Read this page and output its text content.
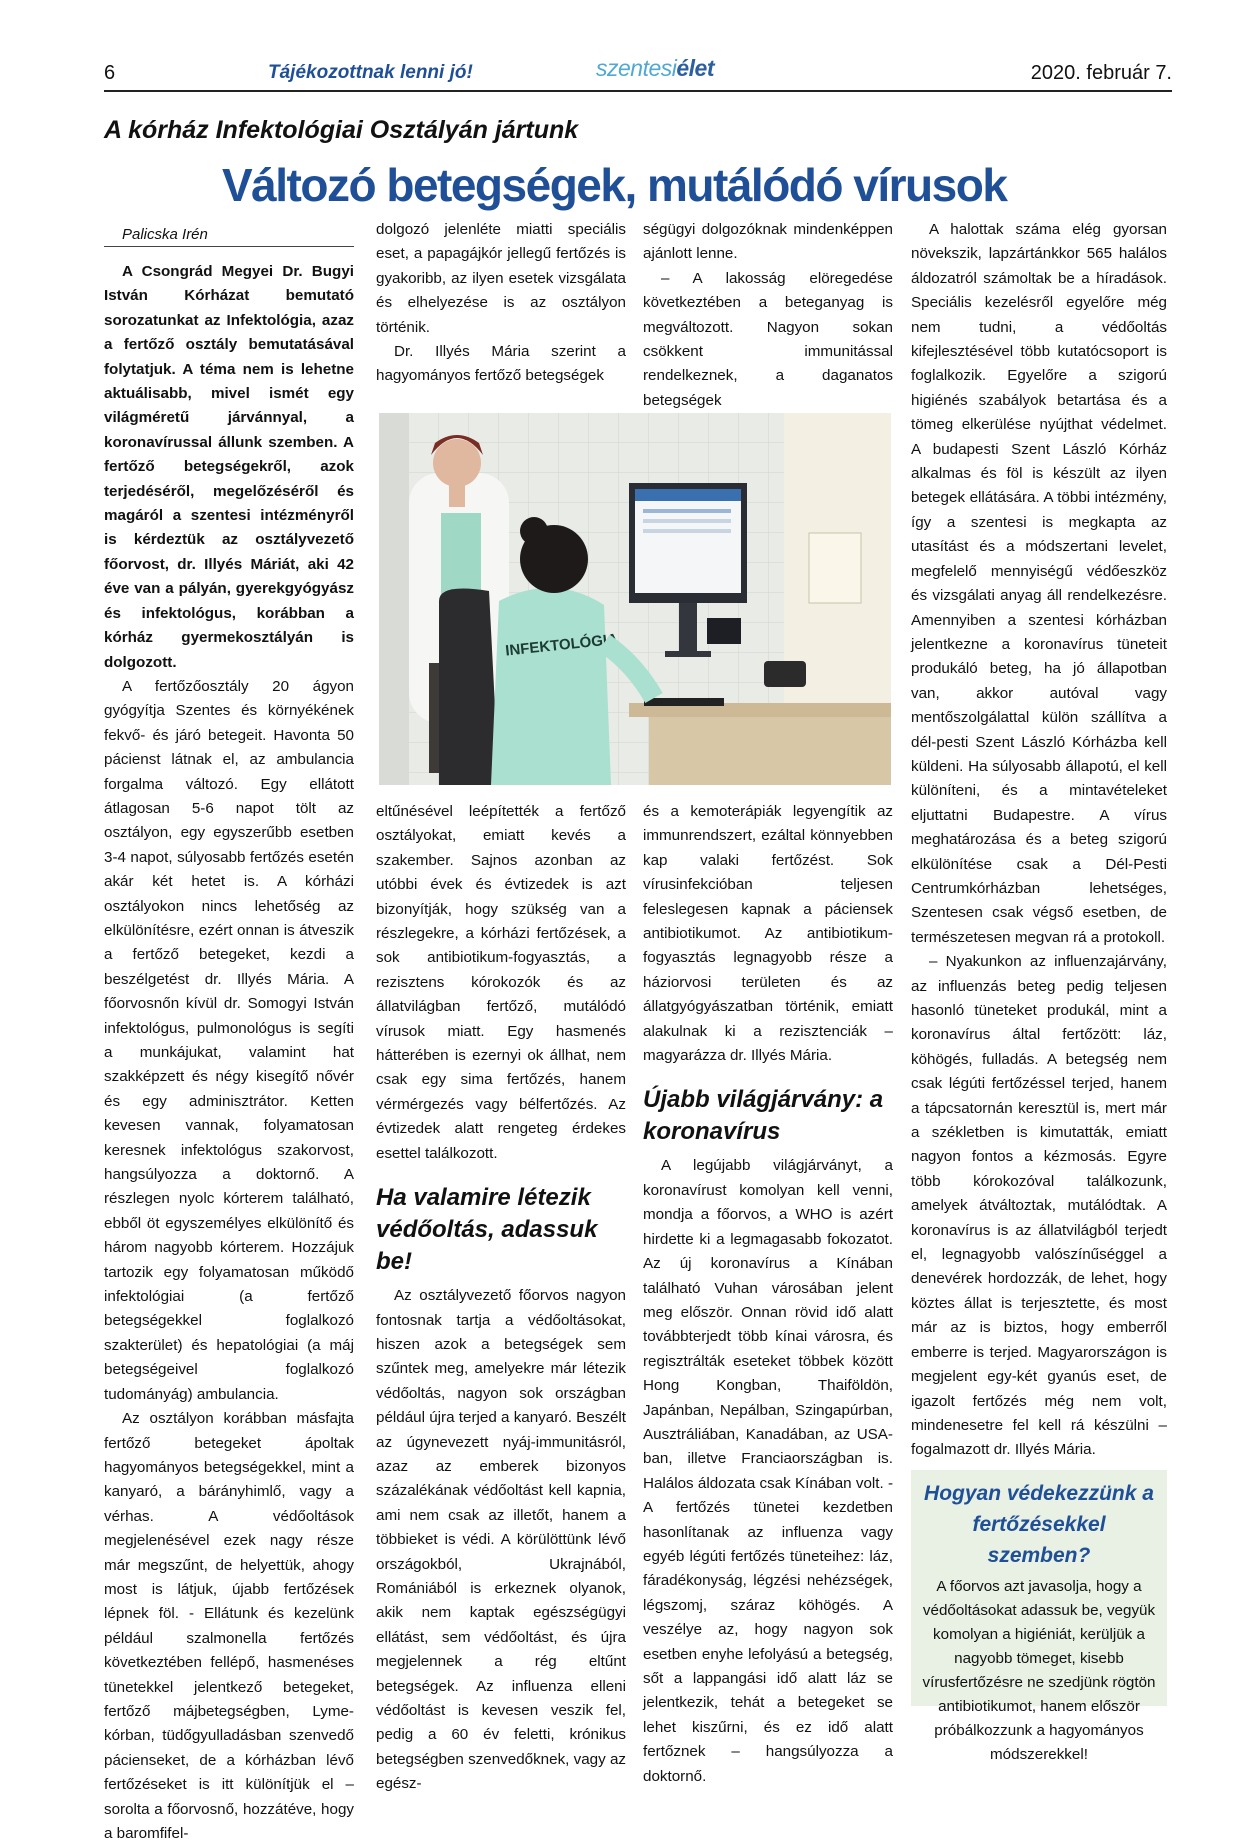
6	Tájékozottnak lenni jó!	szentesiélet	2020. február 7.
A kórház Infektológiai Osztályán jártunk
Változó betegségek, mutálódó vírusok
Palicska Irén

A Csongrád Megyei Dr. Bugyi István Kórházat bemutató sorozatunkat az Infektológia, azaz a fertőző osztály bemutatásával folytatjuk. A téma nem is lehetne aktuálisabb, mivel ismét egy világméretű járvánnyal, a koronavírussal állunk szemben. A fertőző betegségekről, azok terjedéséről, megelőzéséről és magáról a szentesi intézményről is kérdeztük az osztályvezető főorvost, dr. Illyés Máriát, aki 42 éve van a pályán, gyerekgyógyász és infektológus, korábban a kórház gyermekosztályán is dolgozott.

A fertőzőosztály 20 ágyon gyógyítja Szentes és környékének fekvő- és járó betegeit. Havonta 50 pácienst látnak el, az ambulancia forgalma változó. Egy ellátott átlagosan 5-6 napot tölt az osztályon, egy egyszerűbb esetben 3-4 napot, súlyosabb fertőzés esetén akár két hetet is. A kórházi osztályokon nincs lehetőség az elkülönítésre, ezért onnan is átveszik a fertőző betegeket, kezdi a beszélgetést dr. Illyés Mária. A főorvosnőn kívül dr. Somogyi István infektológus, pulmonológus is segíti a munkájukat, valamint hat szakképzett és négy kisegítő nővér és egy adminisztrátor. Ketten kevesen vannak, folyamatosan keresnek infektológus szakorvost, hangsúlyozza a doktornő. A részlegen nyolc kórterem található, ebből öt egyszemélyes elkülönítő és három nagyobb kórterem. Hozzájuk tartozik egy folyamatosan működő infektológiai (a fertőző betegségekkel foglalkozó szakterület) és hepatológiai (a máj betegségeivel foglalkozó tudományág) ambulancia.

Az osztályon korábban másfajta fertőző betegeket ápoltak hagyományos betegségekkel, mint a kanyaró, a bárányhimlő, vagy a vérhas. A védőoltások megjelenésével ezek nagy része már megszűnt, de helyettük, ahogy most is látjuk, újabb fertőzések lépnek föl. - Ellátunk és kezelünk például szalmonella fertőzés következtében fellépő, hasmenéses tünetekkel jelentkező betegeket, fertőző májbetegségben, Lyme-kórban, tüdőgyulladásban szenvedő pácienseket, de a kórházban lévő fertőzéseket is itt különítjük el – sorolta a főorvosnő, hozzátéve, hogy a baromfifel-

dolgozó jelenléte miatti speciális eset, a papagájkór jellegű fertőzés is gyakoribb, az ilyen esetek vizsgálata és elhelyezése is az osztályon történik.

Dr. Illyés Mária szerint a hagyományos fertőző betegségek

ségügyi dolgozóknak mindenképpen ajánlott lenne.

– A lakosság elöregedése következtében a beteganyag is megváltozott. Nagyon sokan csökkent immunitással rendelkeznek, a daganatos betegségek

INFEKTOLÓGIA

eltűnésével leépítették a fertőző osztályokat, emiatt kevés a szakember. Sajnos azonban az utóbbi évek és évtizedek is azt bizonyítják, hogy szükség van a részlegekre, a kórházi fertőzések, a sok antibiotikum-fogyasztás, a rezisztens kórokozók és az állatvilágban fertőző, mutálódó vírusok miatt. Egy hasmenés hátterében is ezernyi ok állhat, nem csak egy sima fertőzés, hanem vérmérgezés vagy bélfertőzés. Az évtizedek alatt rengeteg érdekes esettel találkozott.

Ha valamire létezik védőoltás, adassuk be!

Az osztályvezető főorvos nagyon fontosnak tartja a védőoltásokat, hiszen azok a betegségek sem szűntek meg, amelyekre már létezik védőoltás, nagyon sok országban például újra terjed a kanyaró. Beszélt az úgynevezett nyáj-immunitásról, azaz az emberek bizonyos százalékának védőoltást kell kapnia, ami nem csak az illetőt, hanem a többieket is védi. A körülöttünk lévő országokból, Ukrajnából, Romániából is erkeznek olyanok, akik nem kaptak egészségügyi ellátást, sem védőoltást, és újra megjelennek a rég eltűnt betegségek. Az influenza elleni védőoltást is kevesen veszik fel, pedig a 60 év feletti, krónikus betegségben szenvedőknek, vagy az egész-

és a kemoterápiák legyengítik az immunrendszert, ezáltal könnyebben kap valaki fertőzést. Sok vírusinfekcióban teljesen feleslegesen kapnak a páciensek antibiotikumot. Az antibiotikum-fogyasztás legnagyobb része a háziorvosi területen és az állatgyógyászatban történik, emiatt alakulnak ki a rezisztenciák – magyarázza dr. Illyés Mária.

Újabb világjárvány: a koronavírus

A legújabb világjárványt, a koronavírust komolyan kell venni, mondja a főorvos, a WHO is azért hirdette ki a legmagasabb fokozatot. Az új koronavírus a Kínában található Vuhan városában jelent meg először. Onnan rövid idő alatt továbbterjedt több kínai városra, és regisztrálták eseteket többek között Hong Kongban, Thaiföldön, Japánban, Nepálban, Szingapúrban, Ausztráliában, Kanadában, az USA-ban, illetve Franciaországban is. Halálos áldozata csak Kínában volt. - A fertőzés tünetei kezdetben hasonlítanak az influenza vagy egyéb légúti fertőzés tüneteihez: láz, fáradékonyság, légzési nehézségek, légszomj, száraz köhögés. A veszélye az, hogy nagyon sok esetben enyhe lefolyású a betegség, sőt a lappangási idő alatt láz se jelentkezik, tehát a betegeket se lehet kiszűrni, és ez idő alatt fertőznek – hangsúlyozza a doktornő.

A halottak száma elég gyorsan növekszik, lapzártánkkor 565 halálos áldozatról számoltak be a híradások. Speciális kezelésről egyelőre még nem tudni, a védőoltás kifejlesztésével több kutatócsoport is foglalkozik. Egyelőre a szigorú higiénés szabályok betartása és a tömeg elkerülése nyújthat védelmet. A budapesti Szent László Kórház alkalmas és föl is készült az ilyen betegek ellátására. A többi intézmény, így a szentesi is megkapta az utasítást és a módszertani levelet, megfelelő mennyiségű védőeszköz és vizsgálati anyag áll rendelkezésre. Amennyiben a szentesi kórházban jelentkezne a koronavírus tüneteit produkáló beteg, ha jó állapotban van, akkor autóval vagy mentőszolgálattal külön szállítva a dél-pesti Szent László Kórházba kell küldeni. Ha súlyosabb állapotú, el kell különíteni, és a mintavételeket eljuttatni Budapestre. A vírus meghatározása és a beteg szigorú elkülönítése csak a Dél-Pesti Centrumkórházban lehetséges, Szentesen csak végső esetben, de természetesen megvan rá a protokoll.

– Nyakunkon az influenzajárvány, az influenzás beteg pedig teljesen hasonló tüneteket produkál, mint a koronavírus által fertőzött: láz, köhögés, fulladás. A betegség nem csak légúti fertőzéssel terjed, hanem a tápcsatornán keresztül is, mert már a székletben is kimutatták, emiatt nagyon fontos a kézmosás. Egyre több kórokozóval találkozunk, amelyek átváltoztak, mutálódtak. A koronavírus is az állatvilágból terjedt el, legnagyobb valószínűséggel a denevérek hordozzák, de lehet, hogy köztes állat is terjesztette, és most már az is biztos, hogy emberről emberre is terjed. Magyarországon is megjelent egy-két gyanús eset, de igazolt fertőzés még nem volt, mindenesetre fel kell rá készülni – fogalmazott dr. Illyés Mária.

Hogyan védekezzünk a fertőzésekkel szemben?
A főorvos azt javasolja, hogy a védőoltásokat adassuk be, vegyük komolyan a higiéniát, kerüljük a nagyobb tömeget, kisebb vírusfertőzésre ne szedjünk rögtön antibiotikumot, hanem először próbálkozzunk a hagyományos módszerekkel!
